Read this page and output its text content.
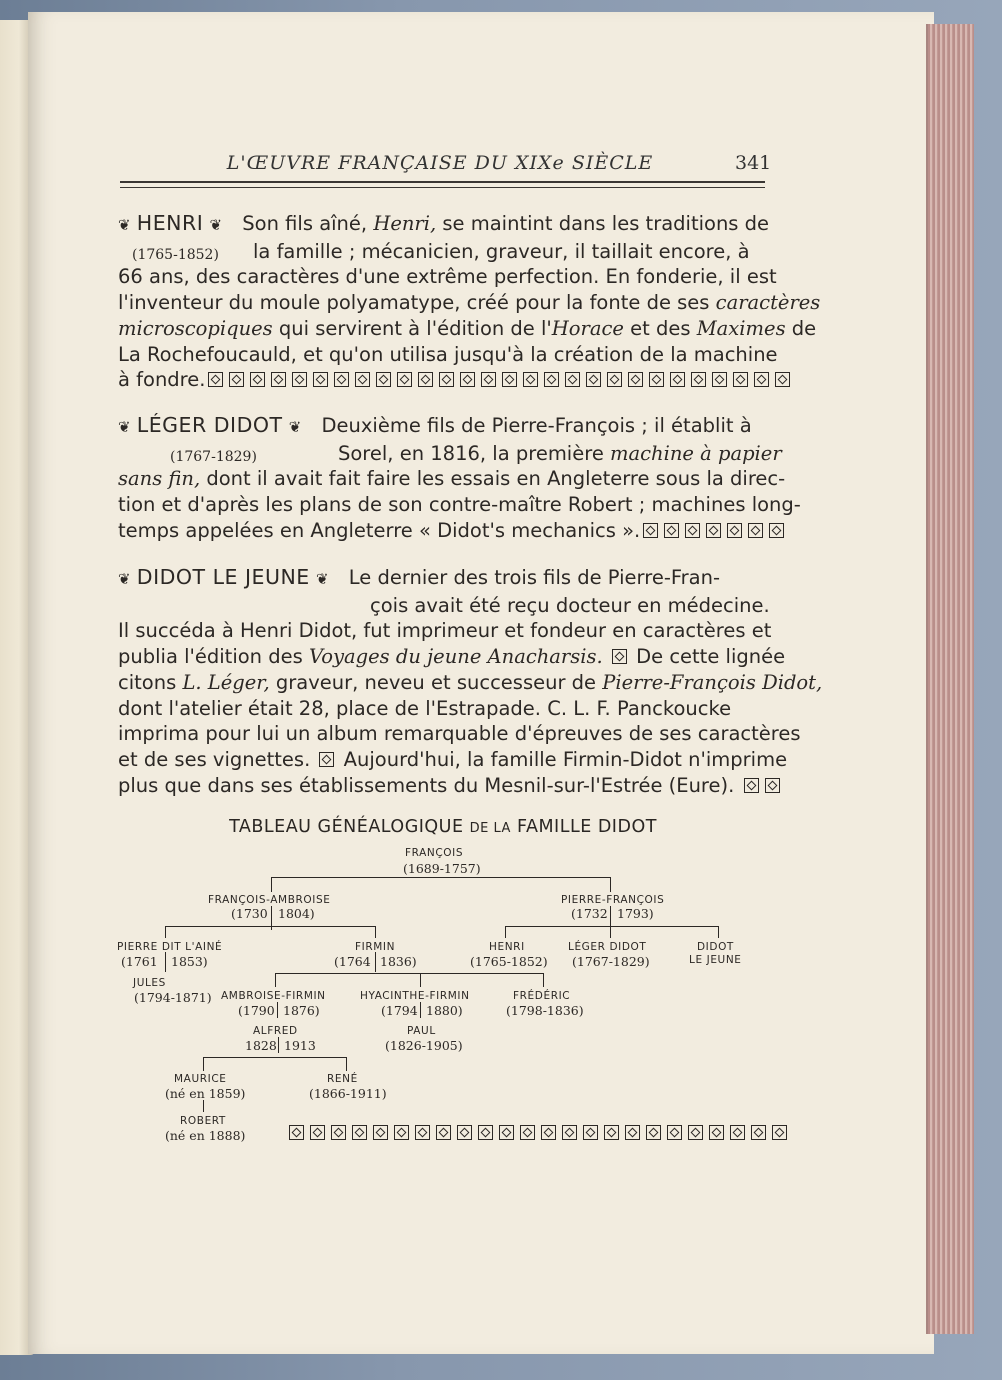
L'ŒUVRE FRANÇAISE DU XIXe SIÈCLE	341
❦ HENRI ❦ Son fils aîné, Henri, se maintint dans les traditions de
(1765-1852) la famille ; mécanicien, graveur, il taillait encore, à
66 ans, des caractères d'une extrême perfection. En fonderie, il est
l'inventeur du moule polyamatype, créé pour la fonte de ses caractères
microscopiques qui servirent à l'édition de l'Horace et des Maximes de
La Rochefoucauld, et qu'on utilisa jusqu'à la création de la machine
à fondre.
❦ LÉGER DIDOT ❦ Deuxième fils de Pierre-François ; il établit à
(1767-1829)	Sorel, en 1816, la première machine à papier
sans fin, dont il avait fait faire les essais en Angleterre sous la direc-
tion et d'après les plans de son contre-maître Robert ; machines long-
temps appelées en Angleterre « Didot's mechanics ».
❦ DIDOT LE JEUNE ❦ Le dernier des trois fils de Pierre-Fran-
çois avait été reçu docteur en médecine.
Il succéda à Henri Didot, fut imprimeur et fondeur en caractères et
publia l'édition des Voyages du jeune Anacharsis.  De cette lignée
citons L. Léger, graveur, neveu et successeur de Pierre-François Didot,
dont l'atelier était 28, place de l'Estrapade. C. L. F. Panckoucke
imprima pour lui un album remarquable d'épreuves de ses caractères
et de ses vignettes.  Aujourd'hui, la famille Firmin-Didot n'imprime
plus que dans ses établissements du Mesnil-sur-l'Estrée (Eure).
TABLEAU GÉNÉALOGIQUE DE LA FAMILLE DIDOT
FRANÇOIS
(1689-1757)
FRANÇOIS-AMBROISE
(1730 1804)
PIERRE-FRANÇOIS
(1732 1793)
PIERRE DIT L'AINÉ
(1761 1853)
FIRMIN
(1764 1836)
HENRI
(1765-1852)
LÉGER DIDOT
(1767-1829)
DIDOT
LE JEUNE
JULES
(1794-1871) AMBROISE-FIRMIN
(1790 1876)
HYACINTHE-FIRMIN
(1794 1880)
FRÉDÉRIC
(1798-1836)
ALFRED
1828 1913
PAUL
(1826-1905)
MAURICE
(né en 1859)
RENÉ
(1866-1911)
ROBERT
(né en 1888)
